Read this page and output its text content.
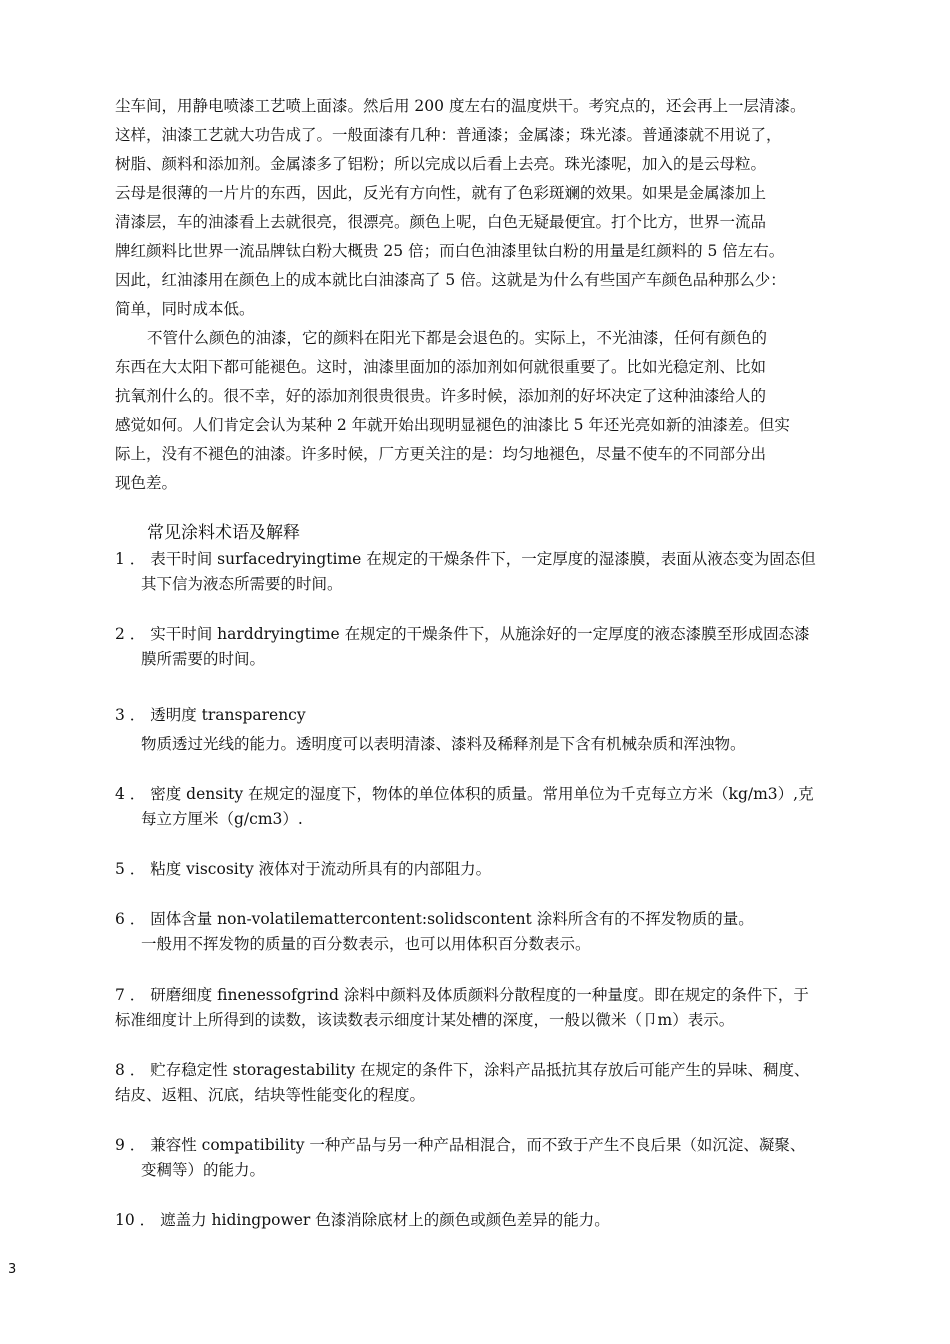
尘车间，用静电喷漆工艺喷上面漆。然后用 200 度左右的温度烘干。考究点的，还会再上一层清漆。
这样，油漆工艺就大功告成了。一般面漆有几种：普通漆；金属漆；珠光漆。普通漆就不用说了，
树脂、颜料和添加剂。金属漆多了铝粉；所以完成以后看上去亮。珠光漆呢，加入的是云母粒。
云母是很薄的一片片的东西，因此，反光有方向性，就有了色彩斑斓的效果。如果是金属漆加上
清漆层，车的油漆看上去就很亮，很漂亮。颜色上呢，白色无疑最便宜。打个比方，世界一流品
牌红颜料比世界一流品牌钛白粉大概贵 25 倍；而白色油漆里钛白粉的用量是红颜料的 5 倍左右。
因此，红油漆用在颜色上的成本就比白油漆高了 5 倍。这就是为什么有些国产车颜色品种那么少：
简单，同时成本低。
不管什么颜色的油漆，它的颜料在阳光下都是会退色的。实际上，不光油漆，任何有颜色的
东西在大太阳下都可能褪色。这时，油漆里面加的添加剂如何就很重要了。比如光稳定剂、比如
抗氧剂什么的。很不幸，好的添加剂很贵很贵。许多时候，添加剂的好坏决定了这种油漆给人的
感觉如何。人们肯定会认为某种 2 年就开始出现明显褪色的油漆比 5 年还光亮如新的油漆差。但实
际上，没有不褪色的油漆。许多时候，厂方更关注的是：均匀地褪色，尽量不使车的不同部分出
现色差。
常见涂料术语及解释
1 ． 表干时间 surfacedryingtime 在规定的干燥条件下，一定厚度的湿漆膜，表面从液态变为固态但
其下信为液态所需要的时间。
2 ． 实干时间 harddryingtime 在规定的干燥条件下，从施涂好的一定厚度的液态漆膜至形成固态漆
膜所需要的时间。
3 ． 透明度 transparency
物质透过光线的能力。透明度可以表明清漆、漆料及稀释剂是下含有机械杂质和浑浊物。
4 ． 密度 density 在规定的湿度下，物体的单位体积的质量。常用单位为千克每立方米（kg/m3）,克
每立方厘米（g/cm3）.
5 ． 粘度 viscosity 液体对于流动所具有的内部阻力。
6 ． 固体含量 non-volatilemattercontent:solidscontent 涂料所含有的不挥发物质的量。
一般用不挥发物的质量的百分数表示，也可以用体积百分数表示。
7 ． 研磨细度 finenessofgrind 涂料中颜料及体质颜料分散程度的一种量度。即在规定的条件下，于
标准细度计上所得到的读数，该读数表示细度计某处槽的深度，一般以微米（卩m）表示。
8 ． 贮存稳定性 storagestability 在规定的条件下，涂料产品抵抗其存放后可能产生的异味、稠度、
结皮、返粗、沉底，结块等性能变化的程度。
9 ． 兼容性 compatibility 一种产品与另一种产品相混合，而不致于产生不良后果（如沉淀、凝聚、
变稠等）的能力。
10 ． 遮盖力 hidingpower 色漆消除底材上的颜色或颜色差异的能力。
3
